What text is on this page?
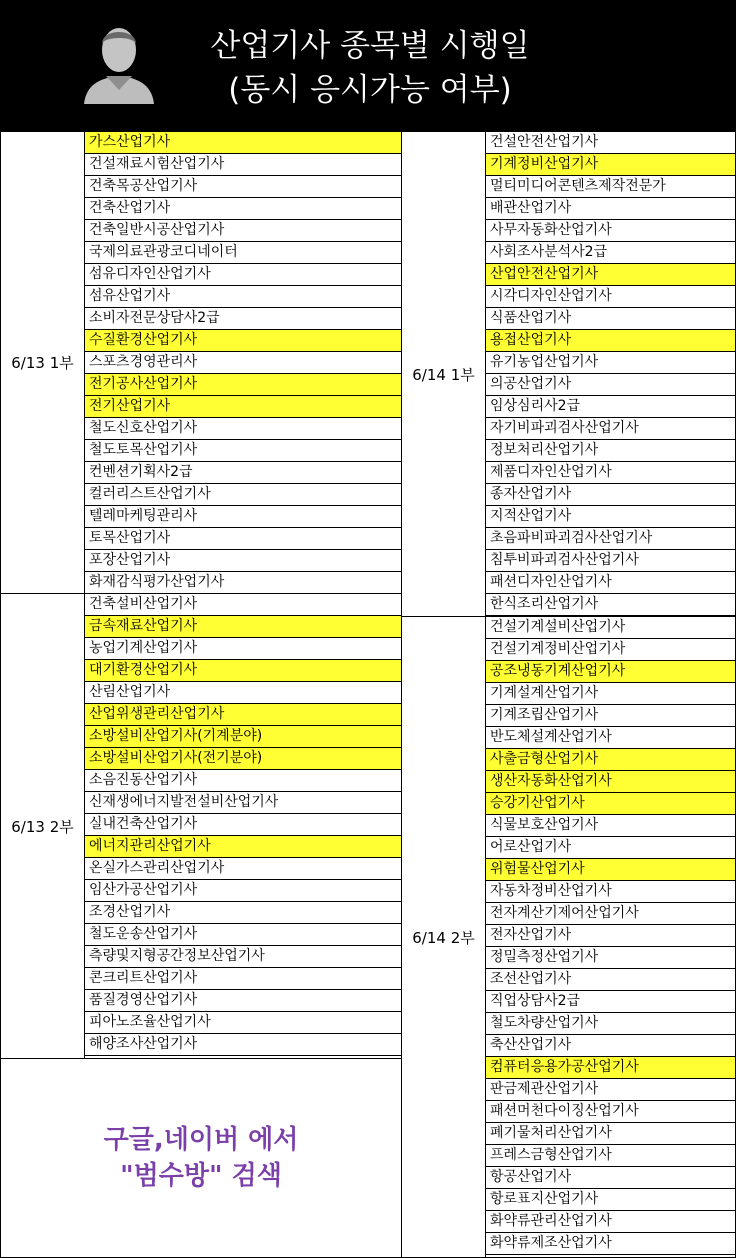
산업기사 종목별 시행일
(동시 응시가능 여부)
6/13 1부
가스산업기사
건설재료시험산업기사
건축목공산업기사
건축산업기사
건축일반시공산업기사
국제의료관광코디네이터
섬유디자인산업기사
섬유산업기사
소비자전문상담사2급
수질환경산업기사
스포츠경영관리사
전기공사산업기사
전기산업기사
철도신호산업기사
철도토목산업기사
컨벤션기획사2급
컬러리스트산업기사
텔레마케팅관리사
토목산업기사
포장산업기사
화재감식평가산업기사
6/13 2부
건축설비산업기사
금속재료산업기사
농업기계산업기사
대기환경산업기사
산림산업기사
산업위생관리산업기사
소방설비산업기사(기계분야)
소방설비산업기사(전기분야)
소음진동산업기사
신재생에너지발전설비산업기사
실내건축산업기사
에너지관리산업기사
온실가스관리산업기사
임산가공산업기사
조경산업기사
철도운송산업기사
측량및지형공간정보산업기사
콘크리트산업기사
품질경영산업기사
피아노조율산업기사
해양조사산업기사
구글,네이버 에서
"범수방" 검색
6/14 1부
건설안전산업기사
기계정비산업기사
멀티미디어콘텐츠제작전문가
배관산업기사
사무자동화산업기사
사회조사분석사2급
산업안전산업기사
시각디자인산업기사
식품산업기사
용접산업기사
유기농업산업기사
의공산업기사
임상심리사2급
자기비파괴검사산업기사
정보처리산업기사
제품디자인산업기사
종자산업기사
지적산업기사
초음파비파괴검사산업기사
침투비파괴검사산업기사
패션디자인산업기사
한식조리산업기사
6/14 2부
건설기계설비산업기사
건설기계정비산업기사
공조냉동기계산업기사
기계설계산업기사
기계조립산업기사
반도체설계산업기사
사출금형산업기사
생산자동화산업기사
승강기산업기사
식물보호산업기사
어로산업기사
위험물산업기사
자동차정비산업기사
전자계산기제어산업기사
전자산업기사
정밀측정산업기사
조선산업기사
직업상담사2급
철도차량산업기사
축산산업기사
컴퓨터응용가공산업기사
판금제관산업기사
패션머천다이징산업기사
폐기물처리산업기사
프레스금형산업기사
항공산업기사
항로표지산업기사
화약류관리산업기사
화약류제조산업기사
